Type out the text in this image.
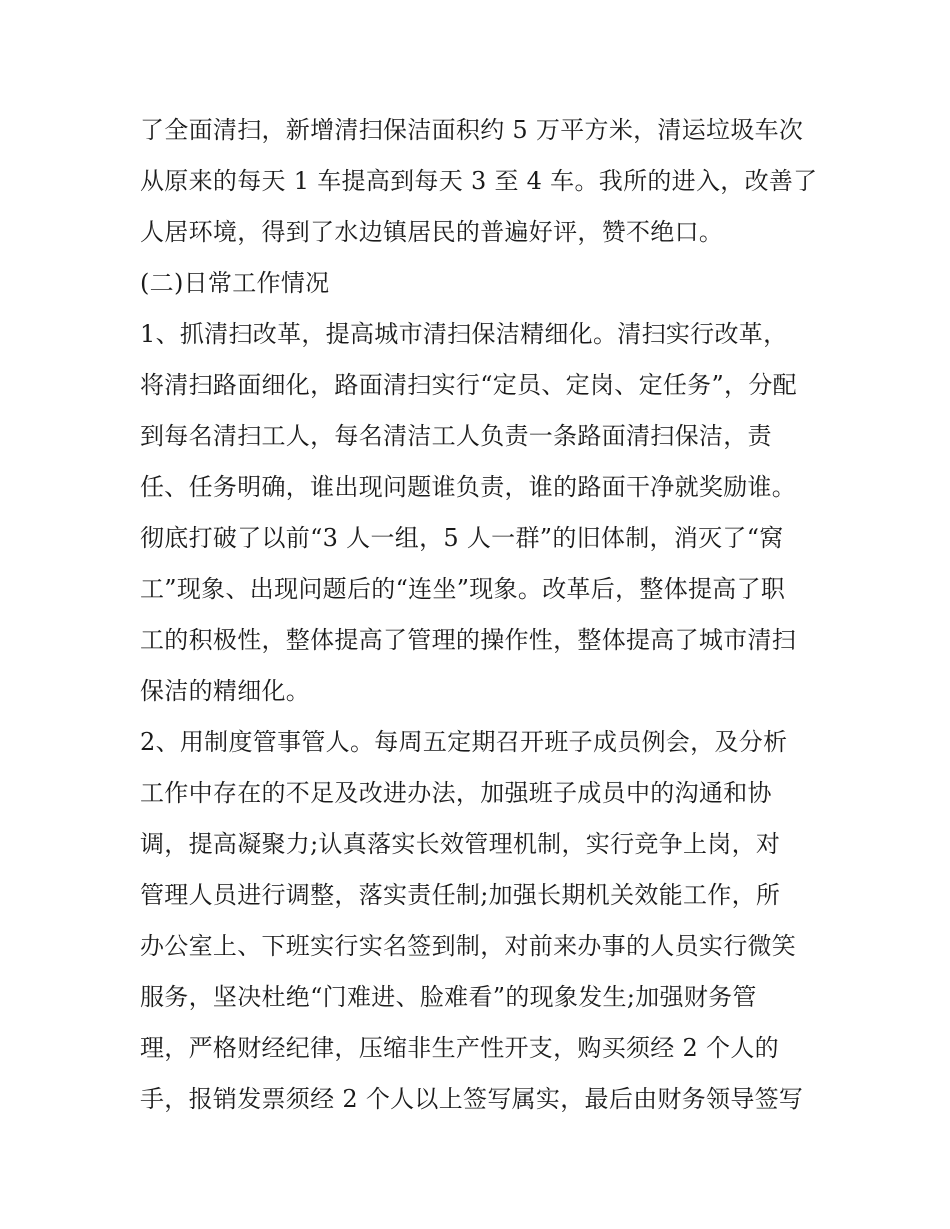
了全面清扫，新增清扫保洁面积约 5 万平方米，清运垃圾车次
从原来的每天 1 车提高到每天 3 至 4 车。我所的进入，改善了
人居环境，得到了水边镇居民的普遍好评，赞不绝口。
(二)日常工作情况
1、抓清扫改革，提高城市清扫保洁精细化。清扫实行改革，
将清扫路面细化，路面清扫实行“定员、定岗、定任务”，分配
到每名清扫工人，每名清洁工人负责一条路面清扫保洁，责
任、任务明确，谁出现问题谁负责，谁的路面干净就奖励谁。
彻底打破了以前“3 人一组，5 人一群”的旧体制，消灭了“窝
工”现象、出现问题后的“连坐”现象。改革后，整体提高了职
工的积极性，整体提高了管理的操作性，整体提高了城市清扫
保洁的精细化。
2、用制度管事管人。每周五定期召开班子成员例会，及分析
工作中存在的不足及改进办法，加强班子成员中的沟通和协
调，提高凝聚力;认真落实长效管理机制，实行竞争上岗，对
管理人员进行调整，落实责任制;加强长期机关效能工作，所
办公室上、下班实行实名签到制，对前来办事的人员实行微笑
服务，坚决杜绝“门难进、脸难看”的现象发生;加强财务管
理，严格财经纪律，压缩非生产性开支，购买须经 2 个人的
手，报销发票须经 2 个人以上签写属实，最后由财务领导签写
